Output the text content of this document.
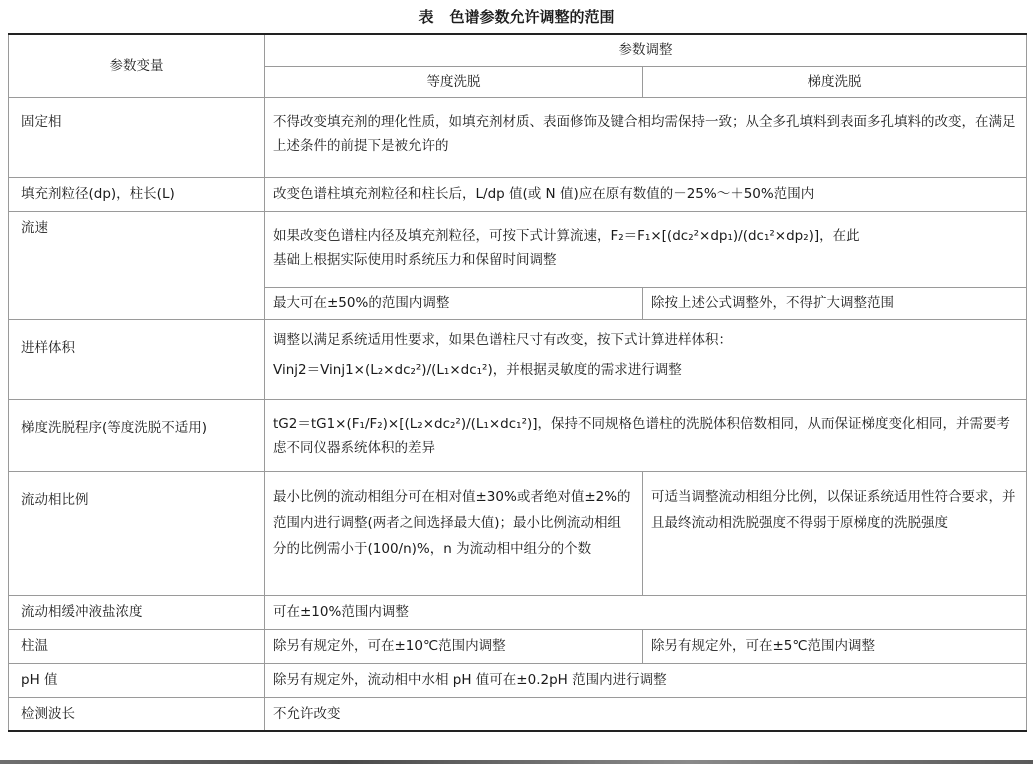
表 色谱参数允许调整的范围
参数变量	参数调整	
	等度洗脱	梯度洗脱
固定相	不得改变填充剂的理化性质，如填充剂材质、表面修饰及键合相均需保持一致；从全多孔填料到表面多孔填料的改变，在满足上述条件的前提下是被允许的	
填充剂粒径(dp)，柱长(L)	改变色谱柱填充剂粒径和柱长后，L/dp 值(或 N 值)应在原有数值的－25%～＋50%范围内	
流速	如果改变色谱柱内径及填充剂粒径，可按下式计算流速，F₂＝F₁×[(dc₂²×dp₁)/(dc₁²×dp₂)]，在此
基础上根据实际使用时系统压力和保留时间调整	

	最大可在±50%的范围内调整	除按上述公式调整外，不得扩大调整范围
进样体积	调整以满足系统适用性要求，如果色谱柱尺寸有改变，按下式计算进样体积：
Vinj2＝Vinj1×(L₂×dc₂²)/(L₁×dc₁²)，并根据灵敏度的需求进行调整	

梯度洗脱程序(等度洗脱不适用)	tG2＝tG1×(F₁/F₂)×[(L₂×dc₂²)/(L₁×dc₁²)]，保持不同规格色谱柱的洗脱体积倍数相同，从而保证梯度变化相同，并需要考虑不同仪器系统体积的差异	
流动相比例	最小比例的流动相组分可在相对值±30%或者绝对值±2%的范围内进行调整(两者之间选择最大值)；最小比例流动相组分的比例需小于(100/n)%，n 为流动相中组分的个数	可适当调整流动相组分比例，以保证系统适用性符合要求，并且最终流动相洗脱强度不得弱于原梯度的洗脱强度
流动相缓冲液盐浓度	可在±10%范围内调整	
柱温	除另有规定外，可在±10℃范围内调整	除另有规定外，可在±5℃范围内调整
pH 值	除另有规定外，流动相中水相 pH 值可在±0.2pH 范围内进行调整	
检测波长	不允许改变	
